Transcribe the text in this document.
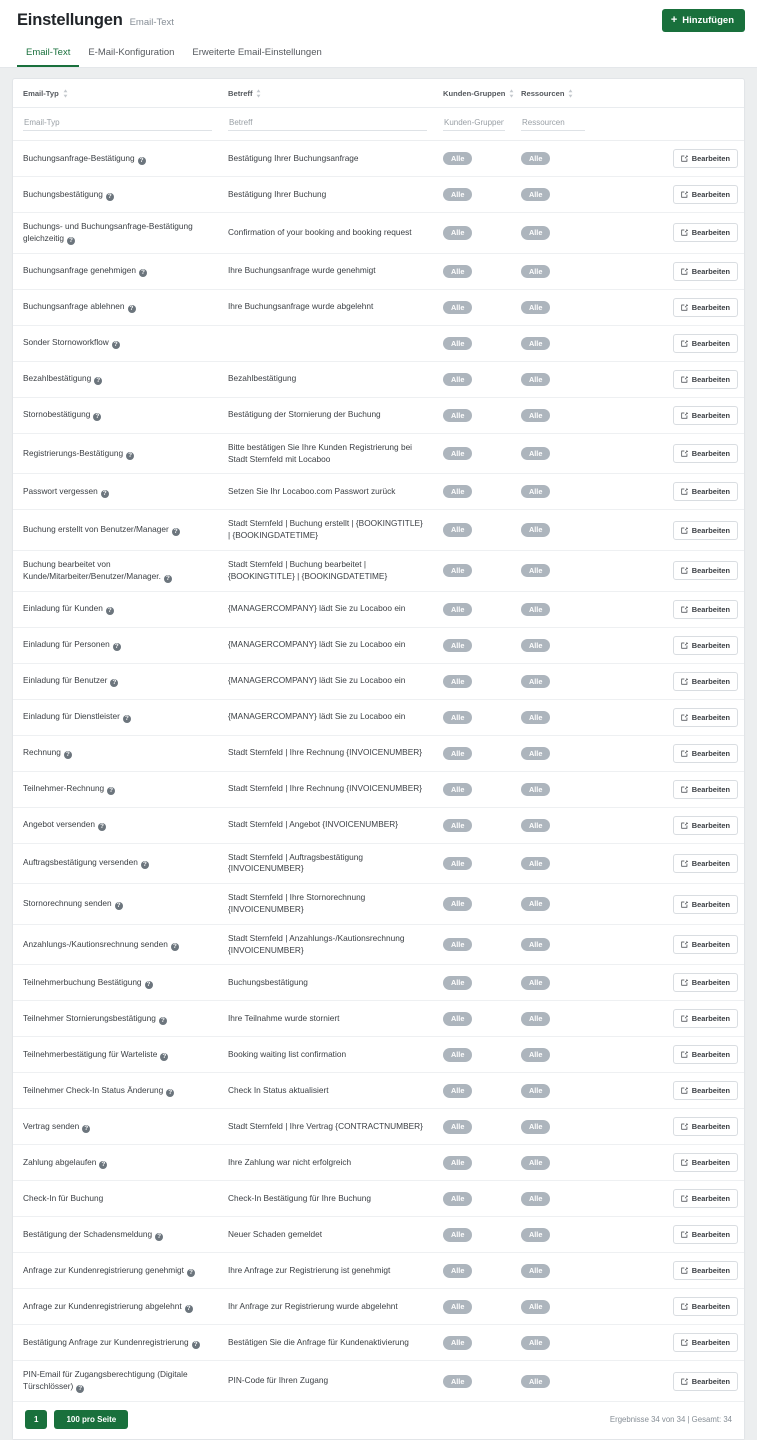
Einstellungen Email-Text	+ Hinzufügen
Email-Text	E-Mail-Konfiguration	Erweiterte Email-Einstellungen
Email-Typ	Betreff	Kunden-Gruppen	Ressourcen	

Email-Typ	Betreff	Kunden-Gruppen	Ressourcen	
Buchungsanfrage-Bestätigung ?	Bestätigung Ihrer Buchungsanfrage	Alle	Alle	Bearbeiten

Buchungsbestätigung ?	Bestätigung Ihrer Buchung	Alle	Alle	Bearbeiten

Buchungs- und Buchungsanfrage-Bestätigung gleichzeitig ?	Confirmation of your booking and booking request	Alle	Alle	Bearbeiten

Buchungsanfrage genehmigen ?	Ihre Buchungsanfrage wurde genehmigt	Alle	Alle	Bearbeiten

Buchungsanfrage ablehnen ?	Ihre Buchungsanfrage wurde abgelehnt	Alle	Alle	Bearbeiten

Sonder Stornoworkflow ?		Alle	Alle	Bearbeiten

Bezahlbestätigung ?	Bezahlbestätigung	Alle	Alle	Bearbeiten

Stornobestätigung ?	Bestätigung der Stornierung der Buchung	Alle	Alle	Bearbeiten

Registrierungs-Bestätigung ?	Bitte bestätigen Sie Ihre Kunden Registrierung bei Stadt Sternfeld mit Locaboo	Alle	Alle	Bearbeiten

Passwort vergessen ?	Setzen Sie Ihr Locaboo.com Passwort zurück	Alle	Alle	Bearbeiten

Buchung erstellt von Benutzer/Manager ?	Stadt Sternfeld | Buchung erstellt | {BOOKINGTITLE} | {BOOKINGDATETIME}	Alle	Alle	Bearbeiten

Buchung bearbeitet von Kunde/Mitarbeiter/Benutzer/Manager. ?	Stadt Sternfeld | Buchung bearbeitet | {BOOKINGTITLE} | {BOOKINGDATETIME}	Alle	Alle	Bearbeiten

Einladung für Kunden ?	{MANAGERCOMPANY} lädt Sie zu Locaboo ein	Alle	Alle	Bearbeiten

Einladung für Personen ?	{MANAGERCOMPANY} lädt Sie zu Locaboo ein	Alle	Alle	Bearbeiten

Einladung für Benutzer ?	{MANAGERCOMPANY} lädt Sie zu Locaboo ein	Alle	Alle	Bearbeiten

Einladung für Dienstleister ?	{MANAGERCOMPANY} lädt Sie zu Locaboo ein	Alle	Alle	Bearbeiten

Rechnung ?	Stadt Sternfeld | Ihre Rechnung {INVOICENUMBER}	Alle	Alle	Bearbeiten

Teilnehmer-Rechnung ?	Stadt Sternfeld | Ihre Rechnung {INVOICENUMBER}	Alle	Alle	Bearbeiten

Angebot versenden ?	Stadt Sternfeld | Angebot {INVOICENUMBER}	Alle	Alle	Bearbeiten

Auftragsbestätigung versenden ?	Stadt Sternfeld | Auftragsbestätigung {INVOICENUMBER}	Alle	Alle	Bearbeiten

Stornorechnung senden ?	Stadt Sternfeld | Ihre Stornorechnung {INVOICENUMBER}	Alle	Alle	Bearbeiten

Anzahlungs-/Kautionsrechnung senden ?	Stadt Sternfeld | Anzahlungs-/Kautionsrechnung {INVOICENUMBER}	Alle	Alle	Bearbeiten

Teilnehmerbuchung Bestätigung ?	Buchungsbestätigung	Alle	Alle	Bearbeiten

Teilnehmer Stornierungsbestätigung ?	Ihre Teilnahme wurde storniert	Alle	Alle	Bearbeiten

Teilnehmerbestätigung für Warteliste ?	Booking waiting list confirmation	Alle	Alle	Bearbeiten

Teilnehmer Check-In Status Änderung ?	Check In Status aktualisiert	Alle	Alle	Bearbeiten

Vertrag senden ?	Stadt Sternfeld | Ihre Vertrag {CONTRACTNUMBER}	Alle	Alle	Bearbeiten

Zahlung abgelaufen ?	Ihre Zahlung war nicht erfolgreich	Alle	Alle	Bearbeiten

Check-In für Buchung	Check-In Bestätigung für Ihre Buchung	Alle	Alle	Bearbeiten

Bestätigung der Schadensmeldung ?	Neuer Schaden gemeldet	Alle	Alle	Bearbeiten

Anfrage zur Kundenregistrierung genehmigt ?	Ihre Anfrage zur Registrierung ist genehmigt	Alle	Alle	Bearbeiten

Anfrage zur Kundenregistrierung abgelehnt ?	Ihr Anfrage zur Registrierung wurde abgelehnt	Alle	Alle	Bearbeiten

Bestätigung Anfrage zur Kundenregistrierung ?	Bestätigen Sie die Anfrage für Kundenaktivierung	Alle	Alle	Bearbeiten

PIN-Email für Zugangsberechtigung (Digitale Türschlösser) ?	PIN-Code für Ihren Zugang	Alle	Alle	Bearbeiten
1	100 pro Seite	Ergebnisse 34 von 34 | Gesamt: 34
